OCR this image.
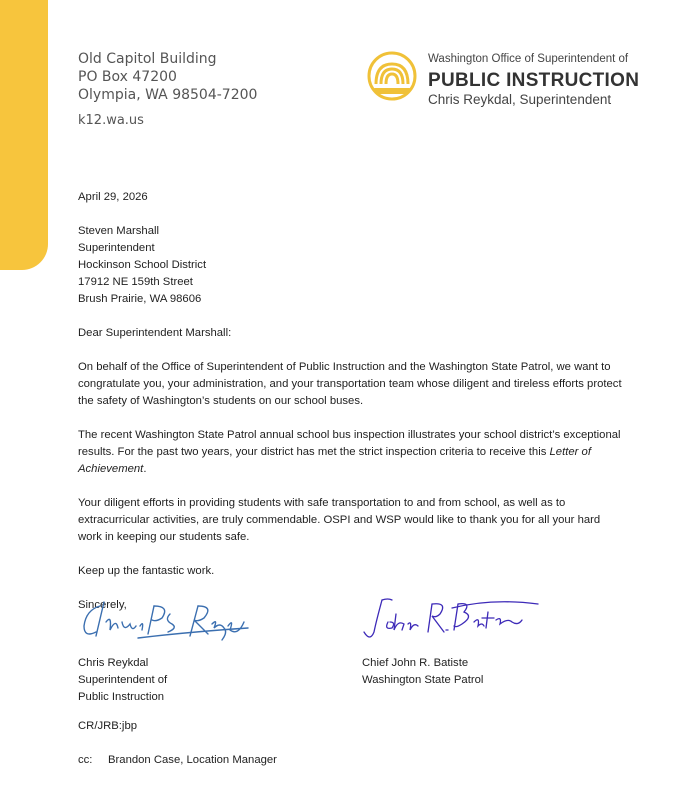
Old Capitol Building
PO Box 47200
Olympia, WA 98504-7200
k12.wa.us
Washington Office of Superintendent of
PUBLIC INSTRUCTION
Chris Reykdal, Superintendent

April 29, 2026

Steven Marshall

Superintendent

Hockinson School District

17912 NE 159th Street

Brush Prairie, WA 98606

Dear Superintendent Marshall:

On behalf of the Office of Superintendent of Public Instruction and the Washington State Patrol, we want to congratulate you, your administration, and your transportation team whose diligent and tireless efforts protect the safety of Washington’s students on our school buses.

The recent Washington State Patrol annual school bus inspection illustrates your school district’s exceptional results. For the past two years, your district has met the strict inspection criteria to receive this Letter of Achievement.

Your diligent efforts in providing students with safe transportation to and from school, as well as to extracurricular activities, are truly commendable. OSPI and WSP would like to thank you for all your hard work in keeping our students safe.

Keep up the fantastic work.

Sincerely,

Chris Reykdal
Superintendent of
Public Instruction
Chief John R. Batiste
Washington State Patrol
CR/JRB:jbp
cc: Brandon Case, Location Manager
